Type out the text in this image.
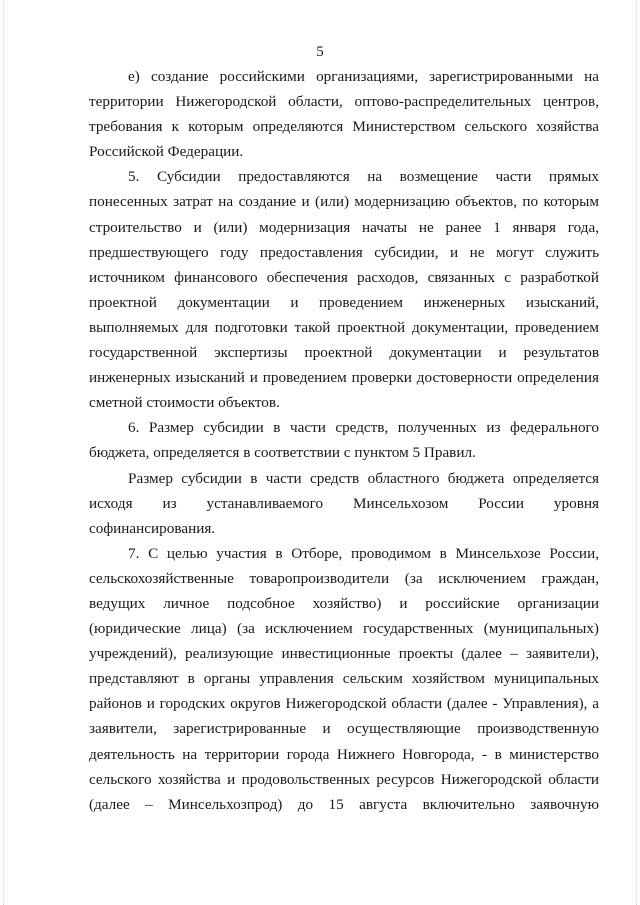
5
е) создание российскими организациями, зарегистрированными на
территории Нижегородской области, оптово-распределительных центров,
требования к которым определяются Министерством сельского хозяйства
Российской Федерации.
5. Субсидии предоставляются на возмещение части прямых
понесенных затрат на создание и (или) модернизацию объектов, по которым
строительство и (или) модернизация начаты не ранее 1 января года,
предшествующего году предоставления субсидии, и не могут служить
источником финансового обеспечения расходов, связанных с разработкой
проектной документации и проведением инженерных изысканий,
выполняемых для подготовки такой проектной документации, проведением
государственной экспертизы проектной документации и результатов
инженерных изысканий и проведением проверки достоверности определения
сметной стоимости объектов.
6. Размер субсидии в части средств, полученных из федерального
бюджета, определяется в соответствии с пунктом 5 Правил.
Размер субсидии в части средств областного бюджета определяется
исходя из устанавливаемого Минсельхозом России уровня
софинансирования.
7. С целью участия в Отборе, проводимом в Минсельхозе России,
сельскохозяйственные товаропроизводители (за исключением граждан,
ведущих личное подсобное хозяйство) и российские организации
(юридические лица) (за исключением государственных (муниципальных)
учреждений), реализующие инвестиционные проекты (далее – заявители),
представляют в органы управления сельским хозяйством муниципальных
районов и городских округов Нижегородской области (далее - Управления), а
заявители, зарегистрированные и осуществляющие производственную
деятельность на территории города Нижнего Новгорода, - в министерство
сельского хозяйства и продовольственных ресурсов Нижегородской области
(далее – Минсельхозпрод) до 15 августа включительно заявочную
